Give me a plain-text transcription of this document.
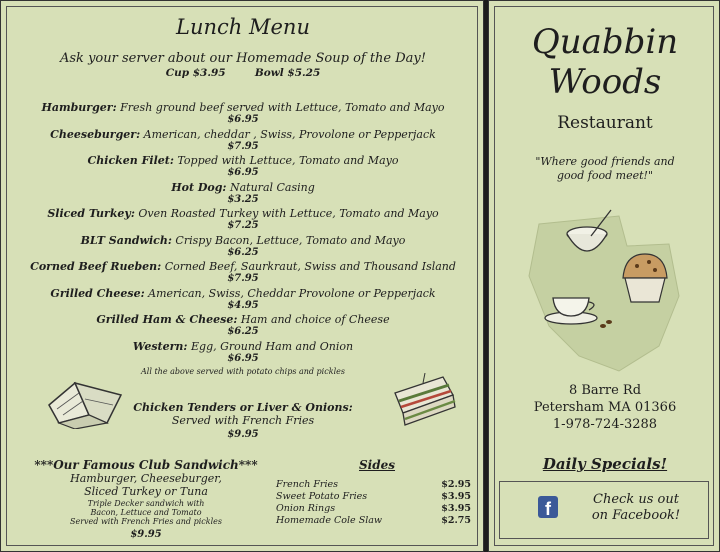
Lunch Menu
Ask your server about our Homemade Soup of the Day!
Cup $3.95        Bowl $5.25
All the above served with potato chips and pickles
Chicken Tenders or Liver & Onions:
Served with French Fries
$9.95
***Our Famous Club Sandwich***
Hamburger, Cheeseburger,
Sliced Turkey or Tuna
Triple Decker sandwich with
Bacon, Lettuce and Tomato
Served with French Fries and pickles
$9.95
Sides
Hamburger: Fresh ground beef served with Lettuce, Tomato and Mayo
$6.95
Cheeseburger: American, cheddar , Swiss, Provolone or Pepperjack
$7.95
Chicken Filet: Topped with Lettuce, Tomato and Mayo
$6.95
Hot Dog: Natural Casing
$3.25
Sliced Turkey: Oven Roasted Turkey with Lettuce, Tomato and Mayo
$7.25
BLT Sandwich: Crispy Bacon, Lettuce, Tomato and Mayo
$6.25
Corned Beef Rueben: Corned Beef, Saurkraut, Swiss and Thousand Island
$7.95
Grilled Cheese: American, Swiss, Cheddar Provolone or Pepperjack
$4.95
Grilled Ham & Cheese: Ham and choice of Cheese
$6.25
Western: Egg, Ground Ham and Onion
$6.95
French Fries	$2.95
Sweet Potato Fries	$3.95
Onion Rings	$3.95
Homemade Cole Slaw	$2.75
Quabbin
Woods
Restaurant
"Where good friends and
good food meet!"
8 Barre Rd
Petersham MA 01366
1-978-724-3288
Daily Specials!
f	Check us out
on Facebook!
